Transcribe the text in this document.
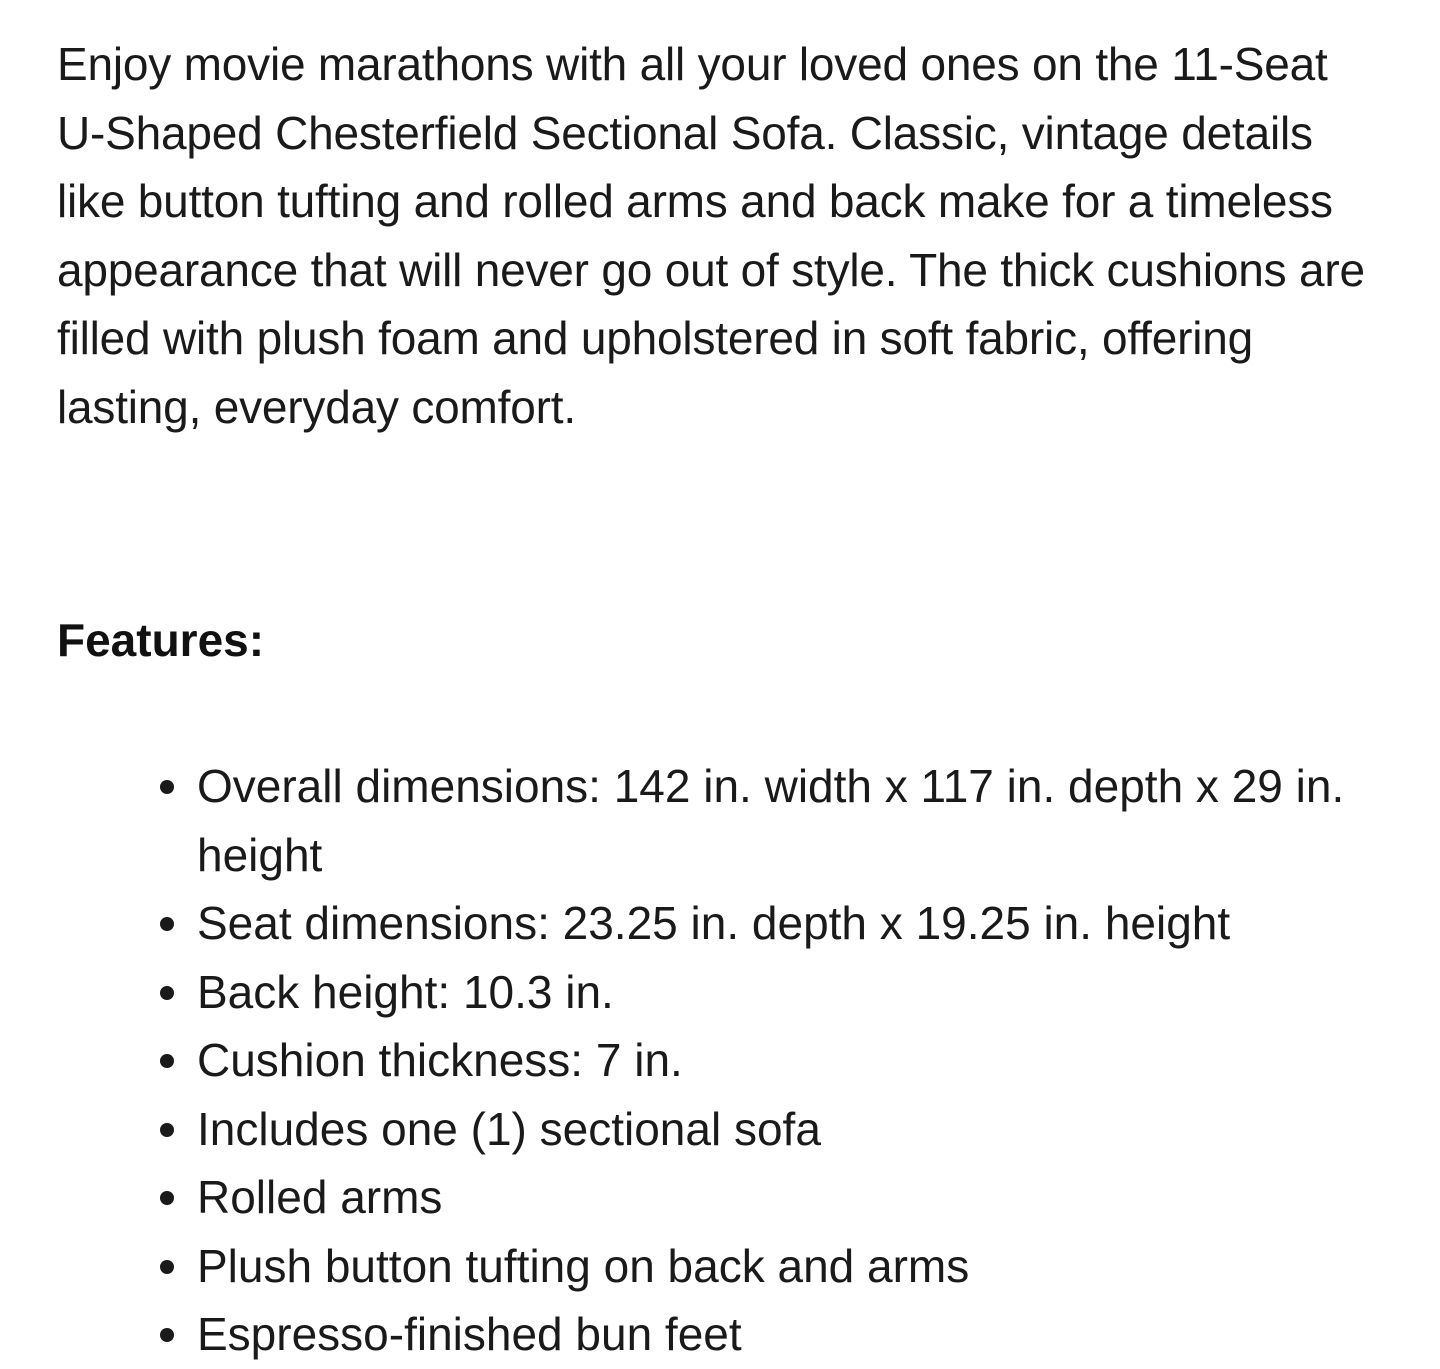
Enjoy movie marathons with all your loved ones on the 11-Seat U-Shaped Chesterfield Sectional Sofa. Classic, vintage details like button tufting and rolled arms and back make for a timeless appearance that will never go out of style. The thick cushions are filled with plush foam and upholstered in soft fabric, offering lasting, everyday comfort.

Features:
Overall dimensions: 142 in. width x 117 in. depth x 29 in. height
Seat dimensions: 23.25 in. depth x 19.25 in. height
Back height: 10.3 in.
Cushion thickness: 7 in.
Includes one (1) sectional sofa
Rolled arms
Plush button tufting on back and arms
Espresso-finished bun feet
